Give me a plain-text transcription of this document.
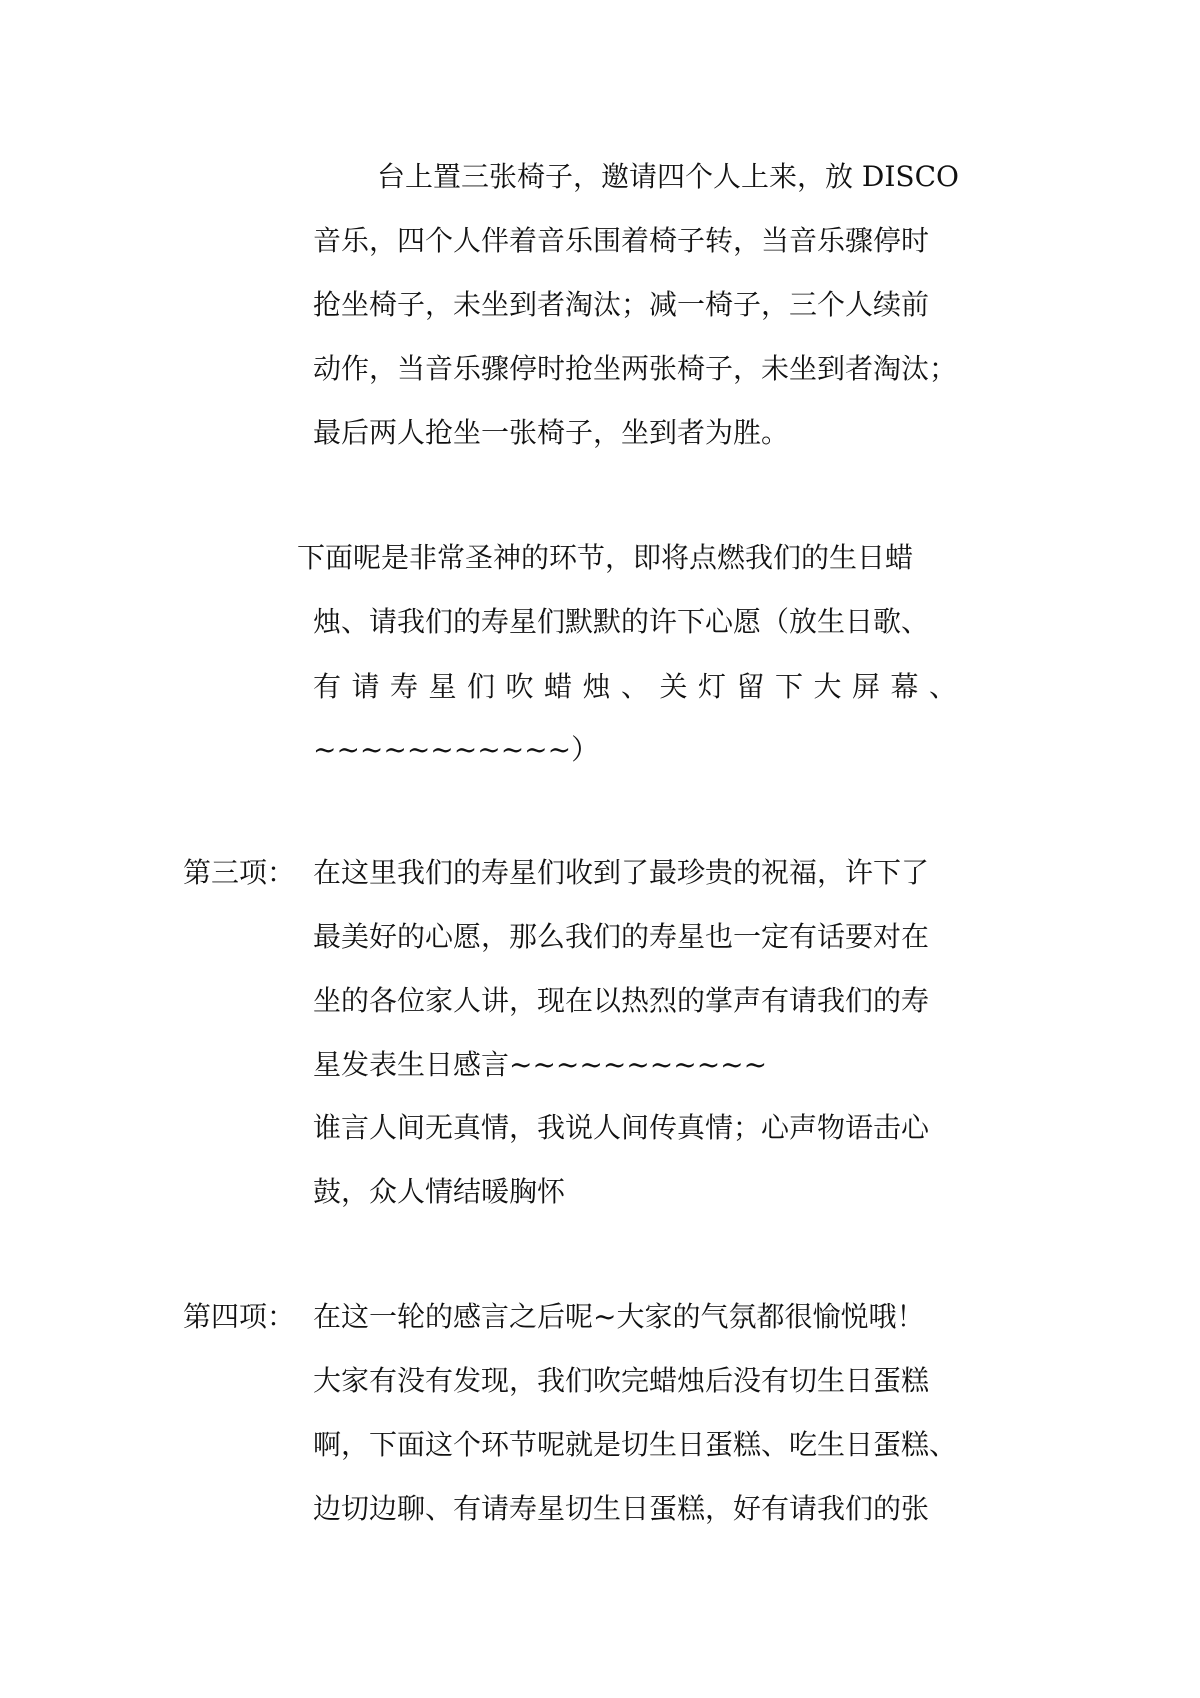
台上置三张椅子，邀请四个人上来，放 DISCO
音乐，四个人伴着音乐围着椅子转，当音乐骤停时
抢坐椅子，未坐到者淘汰；减一椅子，三个人续前
动作，当音乐骤停时抢坐两张椅子，未坐到者淘汰；
最后两人抢坐一张椅子，坐到者为胜。
下面呢是非常圣神的环节，即将点燃我们的生日蜡
烛、请我们的寿星们默默的许下心愿（放生日歌、
有请寿星们吹蜡烛、关灯留下大屏幕、
~~~~~~~~~~~）
第三项： 在这里我们的寿星们收到了最珍贵的祝福，许下了
最美好的心愿，那么我们的寿星也一定有话要对在
坐的各位家人讲，现在以热烈的掌声有请我们的寿
星发表生日感言~~~~~~~~~~~
谁言人间无真情，我说人间传真情；心声物语击心
鼓，众人情结暖胸怀
第四项： 在这一轮的感言之后呢~大家的气氛都很愉悦哦！
大家有没有发现，我们吹完蜡烛后没有切生日蛋糕
啊，下面这个环节呢就是切生日蛋糕、吃生日蛋糕、
边切边聊、有请寿星切生日蛋糕，好有请我们的张
